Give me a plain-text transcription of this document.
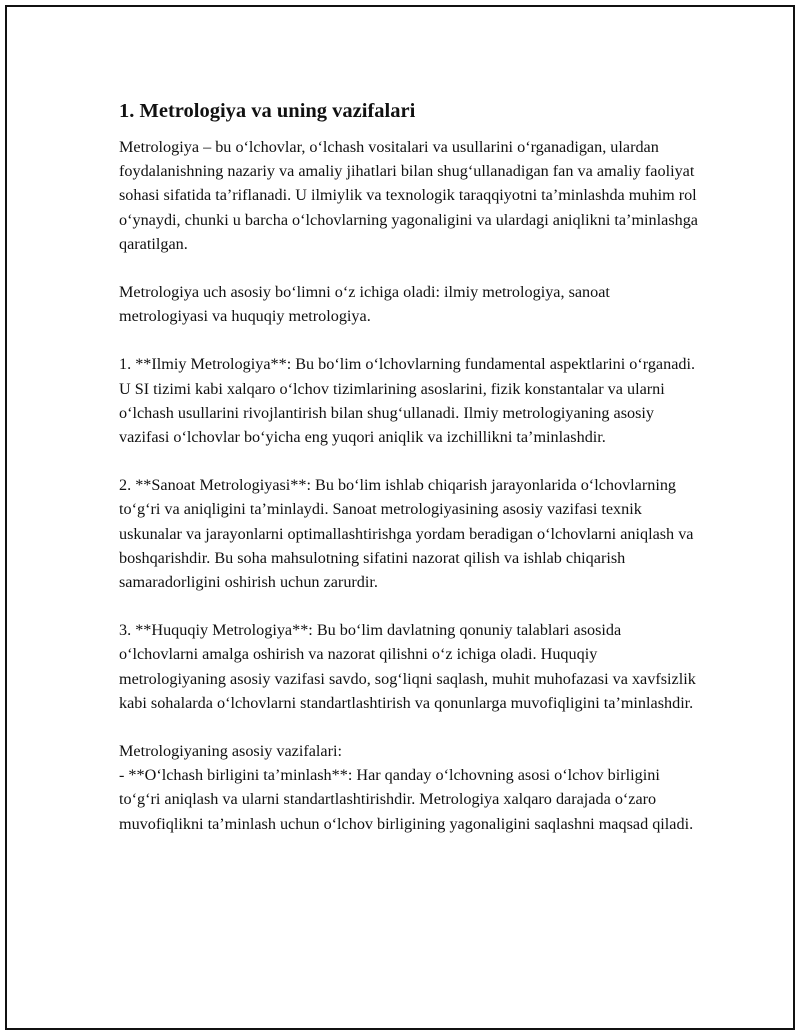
1. Metrologiya va uning vazifalari

Metrologiya – bu o‘lchovlar, o‘lchash vositalari va usullarini o‘rganadigan, ulardan foydalanishning nazariy va amaliy jihatlari bilan shug‘ullanadigan fan va amaliy faoliyat sohasi sifatida ta’riflanadi. U ilmiylik va texnologik taraqqiyotni ta’minlashda muhim rol o‘ynaydi, chunki u barcha o‘lchovlarning yagonaligini va ulardagi aniqlikni ta’minlashga qaratilgan.

Metrologiya uch asosiy bo‘limni o‘z ichiga oladi: ilmiy metrologiya, sanoat metrologiyasi va huquqiy metrologiya.

1. **Ilmiy Metrologiya**: Bu bo‘lim o‘lchovlarning fundamental aspektlarini o‘rganadi. U SI tizimi kabi xalqaro o‘lchov tizimlarining asoslarini, fizik konstantalar va ularni o‘lchash usullarini rivojlantirish bilan shug‘ullanadi. Ilmiy metrologiyaning asosiy vazifasi o‘lchovlar bo‘yicha eng yuqori aniqlik va izchillikni ta’minlashdir.

2. **Sanoat Metrologiyasi**: Bu bo‘lim ishlab chiqarish jarayonlarida o‘lchovlarning to‘g‘ri va aniqligini ta’minlaydi. Sanoat metrologiyasining asosiy vazifasi texnik uskunalar va jarayonlarni optimallashtirishga yordam beradigan o‘lchovlarni aniqlash va boshqarishdir. Bu soha mahsulotning sifatini nazorat qilish va ishlab chiqarish samaradorligini oshirish uchun zarurdir.

3. **Huquqiy Metrologiya**: Bu bo‘lim davlatning qonuniy talablari asosida o‘lchovlarni amalga oshirish va nazorat qilishni o‘z ichiga oladi. Huquqiy metrologiyaning asosiy vazifasi savdo, sog‘liqni saqlash, muhit muhofazasi va xavfsizlik kabi sohalarda o‘lchovlarni standartlashtirish va qonunlarga muvofiqligini ta’minlashdir.

Metrologiyaning asosiy vazifalari:

- **O‘lchash birligini ta’minlash**: Har qanday o‘lchovning asosi o‘lchov birligini to‘g‘ri aniqlash va ularni standartlashtirishdir. Metrologiya xalqaro darajada o‘zaro muvofiqlikni ta’minlash uchun o‘lchov birligining yagonaligini saqlashni maqsad qiladi.
